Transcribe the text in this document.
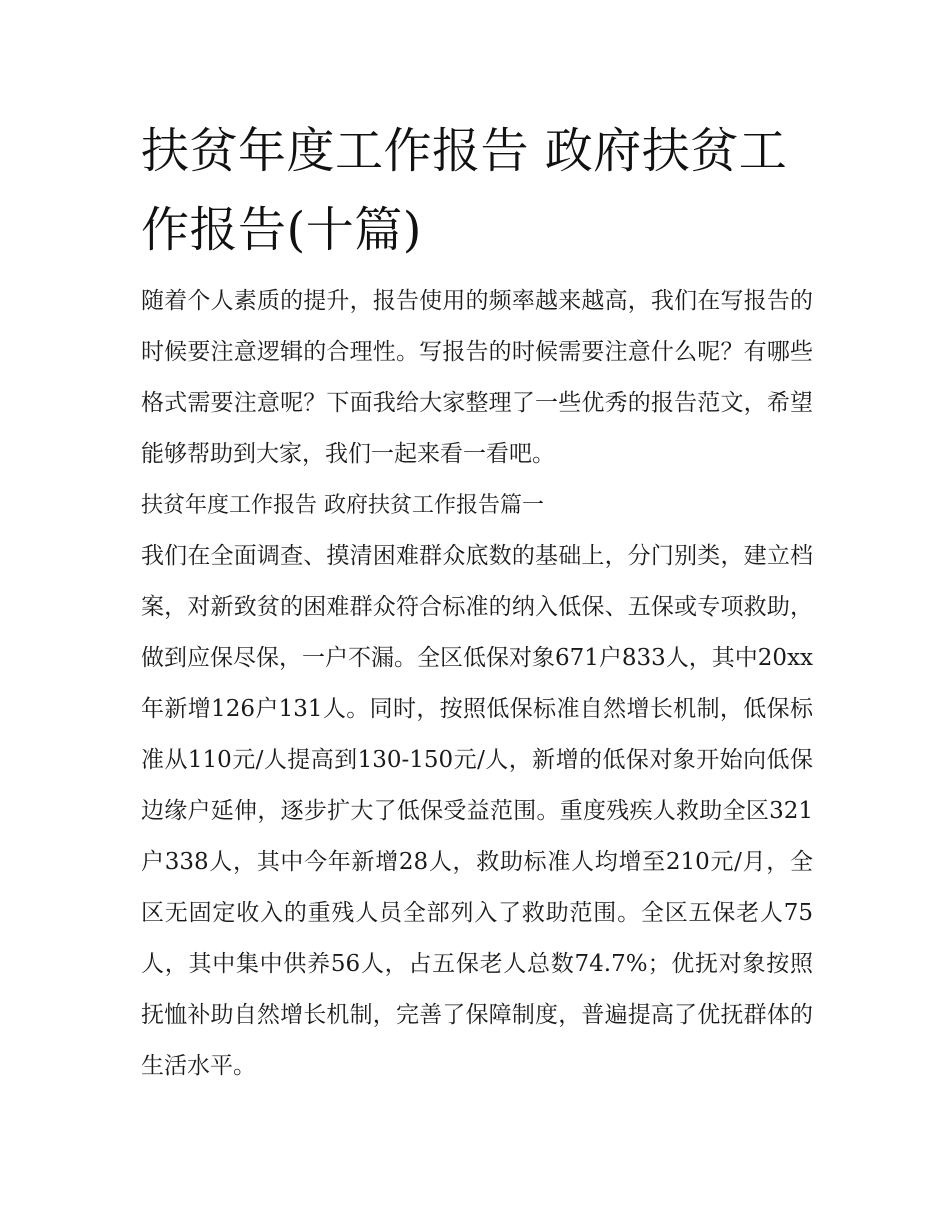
扶贫年度工作报告 政府扶贫工作报告(十篇)

随着个人素质的提升，报告使用的频率越来越高，我们在写报告的时候要注意逻辑的合理性。写报告的时候需要注意什么呢？有哪些格式需要注意呢？下面我给大家整理了一些优秀的报告范文，希望能够帮助到大家，我们一起来看一看吧。

扶贫年度工作报告 政府扶贫工作报告篇一

我们在全面调查、摸清困难群众底数的基础上，分门别类，建立档案，对新致贫的困难群众符合标准的纳入低保、五保或专项救助，做到应保尽保，一户不漏。全区低保对象671户833人，其中20xx年新增126户131人。同时，按照低保标准自然增长机制，低保标准从110元/人提高到130-150元/人，新增的低保对象开始向低保边缘户延伸，逐步扩大了低保受益范围。重度残疾人救助全区321户338人，其中今年新增28人，救助标准人均增至210元/月，全区无固定收入的重残人员全部列入了救助范围。全区五保老人75人，其中集中供养56人，占五保老人总数74.7%；优抚对象按照抚恤补助自然增长机制，完善了保障制度，普遍提高了优抚群体的生活水平。
